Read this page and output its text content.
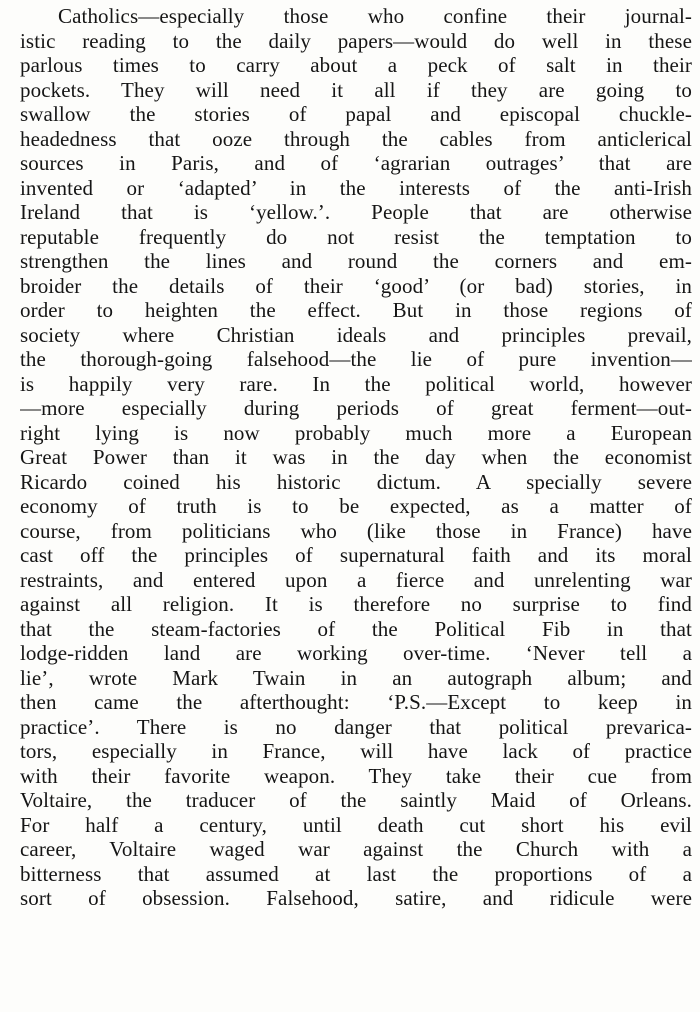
Catholics—especially those who confine their journal-
istic reading to the daily papers—would do well in these
parlous times to carry about a peck of salt in their
pockets. They will need it all if they are going to
swallow the stories of papal and episcopal chuckle-
headedness that ooze through the cables from anticlerical
sources in Paris, and of ‘agrarian outrages’ that are
invented or ‘adapted’ in the interests of the anti-Irish
Ireland that is ‘yellow.’. People that are otherwise
reputable frequently do not resist the temptation to
strengthen the lines and round the corners and em-
broider the details of their ‘good’ (or bad) stories, in
order to heighten the effect. But in those regions of
society where Christian ideals and principles prevail,
the thorough-going falsehood—the lie of pure invention—
is happily very rare. In the political world, however
—more especially during periods of great ferment—out-
right lying is now probably much more a European
Great Power than it was in the day when the economist
Ricardo coined his historic dictum. A specially severe
economy of truth is to be expected, as a matter of
course, from politicians who (like those in France) have
cast off the principles of supernatural faith and its moral
restraints, and entered upon a fierce and unrelenting war
against all religion. It is therefore no surprise to find
that the steam-factories of the Political Fib in that
lodge-ridden land are working over-time. ‘Never tell a
lie’, wrote Mark Twain in an autograph album; and
then came the afterthought: ‘P.S.—Except to keep in
practice’. There is no danger that political prevarica-
tors, especially in France, will have lack of practice
with their favorite weapon. They take their cue from
Voltaire, the traducer of the saintly Maid of Orleans.
For half a century, until death cut short his evil
career, Voltaire waged war against the Church with a
bitterness that assumed at last the proportions of a
sort of obsession. Falsehood, satire, and ridicule were
